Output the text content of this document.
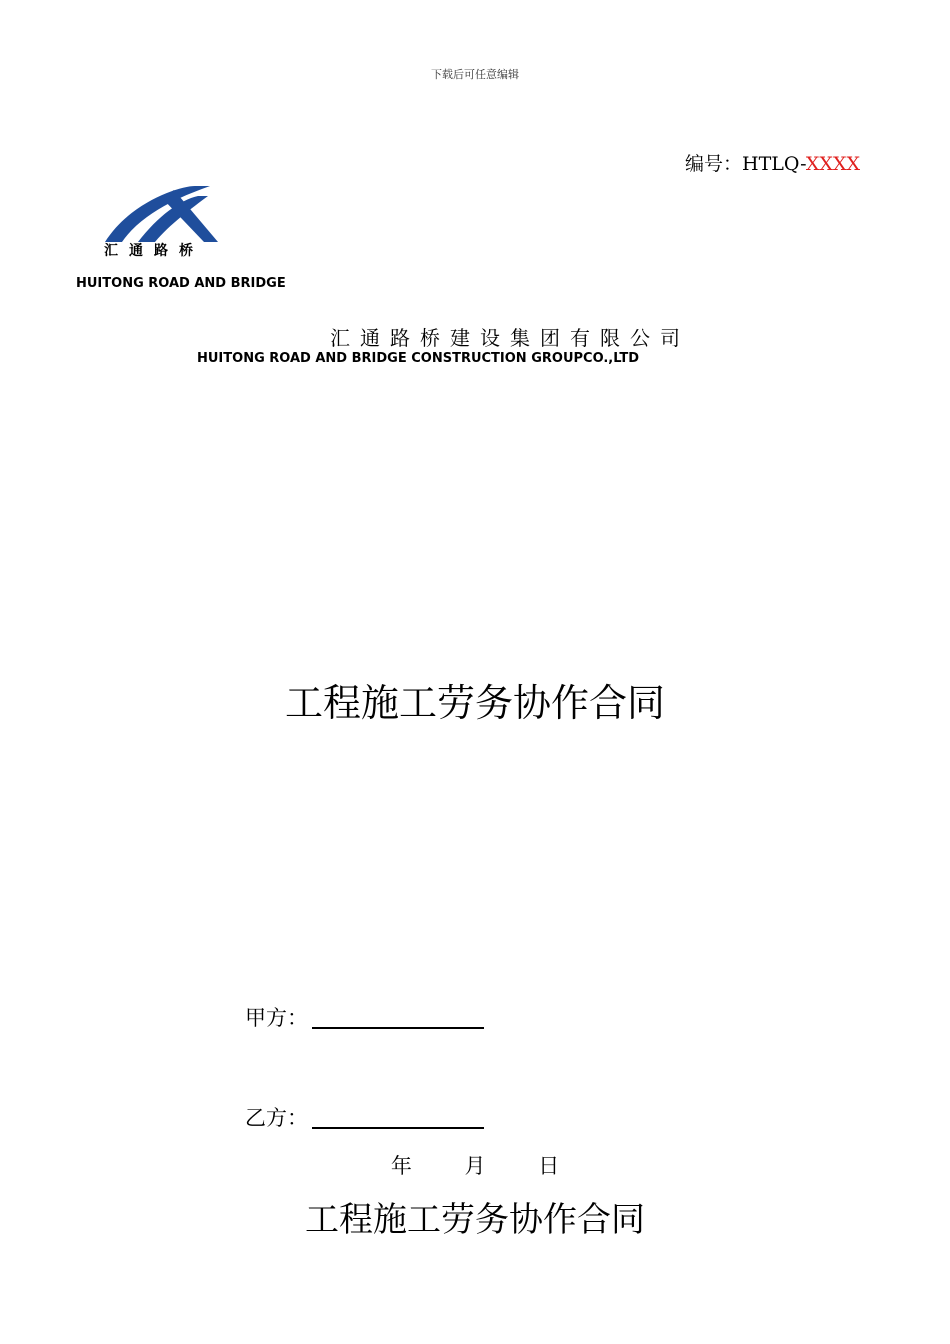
下载后可任意编辑
编号：HTLQ-XXXX
汇通路桥
HUITONG ROAD AND BRIDGE
汇通路桥建设集团有限公司
HUITONG ROAD AND BRIDGE CONSTRUCTION GROUPCO.,LTD
工程施工劳务协作合同
甲方：
乙方：
年	月	日
工程施工劳务协作合同
